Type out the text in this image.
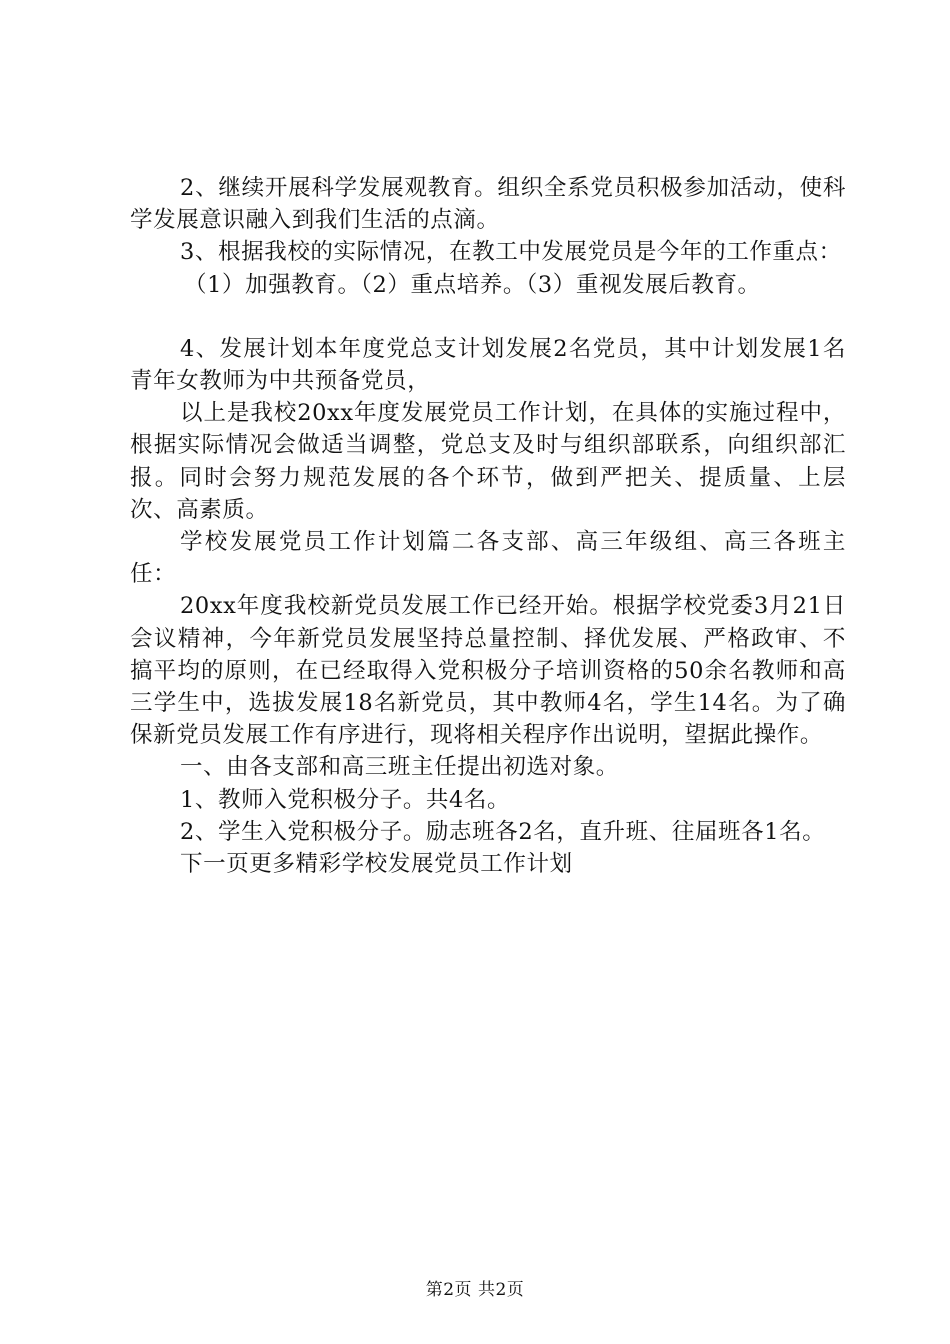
2、继续开展科学发展观教育。组织全系党员积极参加活动，使科学发展意识融入到我们生活的点滴。

3、根据我校的实际情况，在教工中发展党员是今年的工作重点：

（1）加强教育。（2）重点培养。（3）重视发展后教育。

4、发展计划本年度党总支计划发展2名党员，其中计划发展1名青年女教师为中共预备党员，

以上是我校20xx年度发展党员工作计划，在具体的实施过程中，根据实际情况会做适当调整，党总支及时与组织部联系，向组织部汇报。同时会努力规范发展的各个环节，做到严把关、提质量、上层次、高素质。

学校发展党员工作计划篇二各支部、高三年级组、高三各班主任：

20xx年度我校新党员发展工作已经开始。根据学校党委3月21日会议精神，今年新党员发展坚持总量控制、择优发展、严格政审、不搞平均的原则，在已经取得入党积极分子培训资格的50余名教师和高三学生中，选拔发展18名新党员，其中教师4名，学生14名。为了确保新党员发展工作有序进行，现将相关程序作出说明，望据此操作。

一、由各支部和高三班主任提出初选对象。

1、教师入党积极分子。共4名。

2、学生入党积极分子。励志班各2名，直升班、往届班各1名。

下一页更多精彩学校发展党员工作计划

第2页 共2页
